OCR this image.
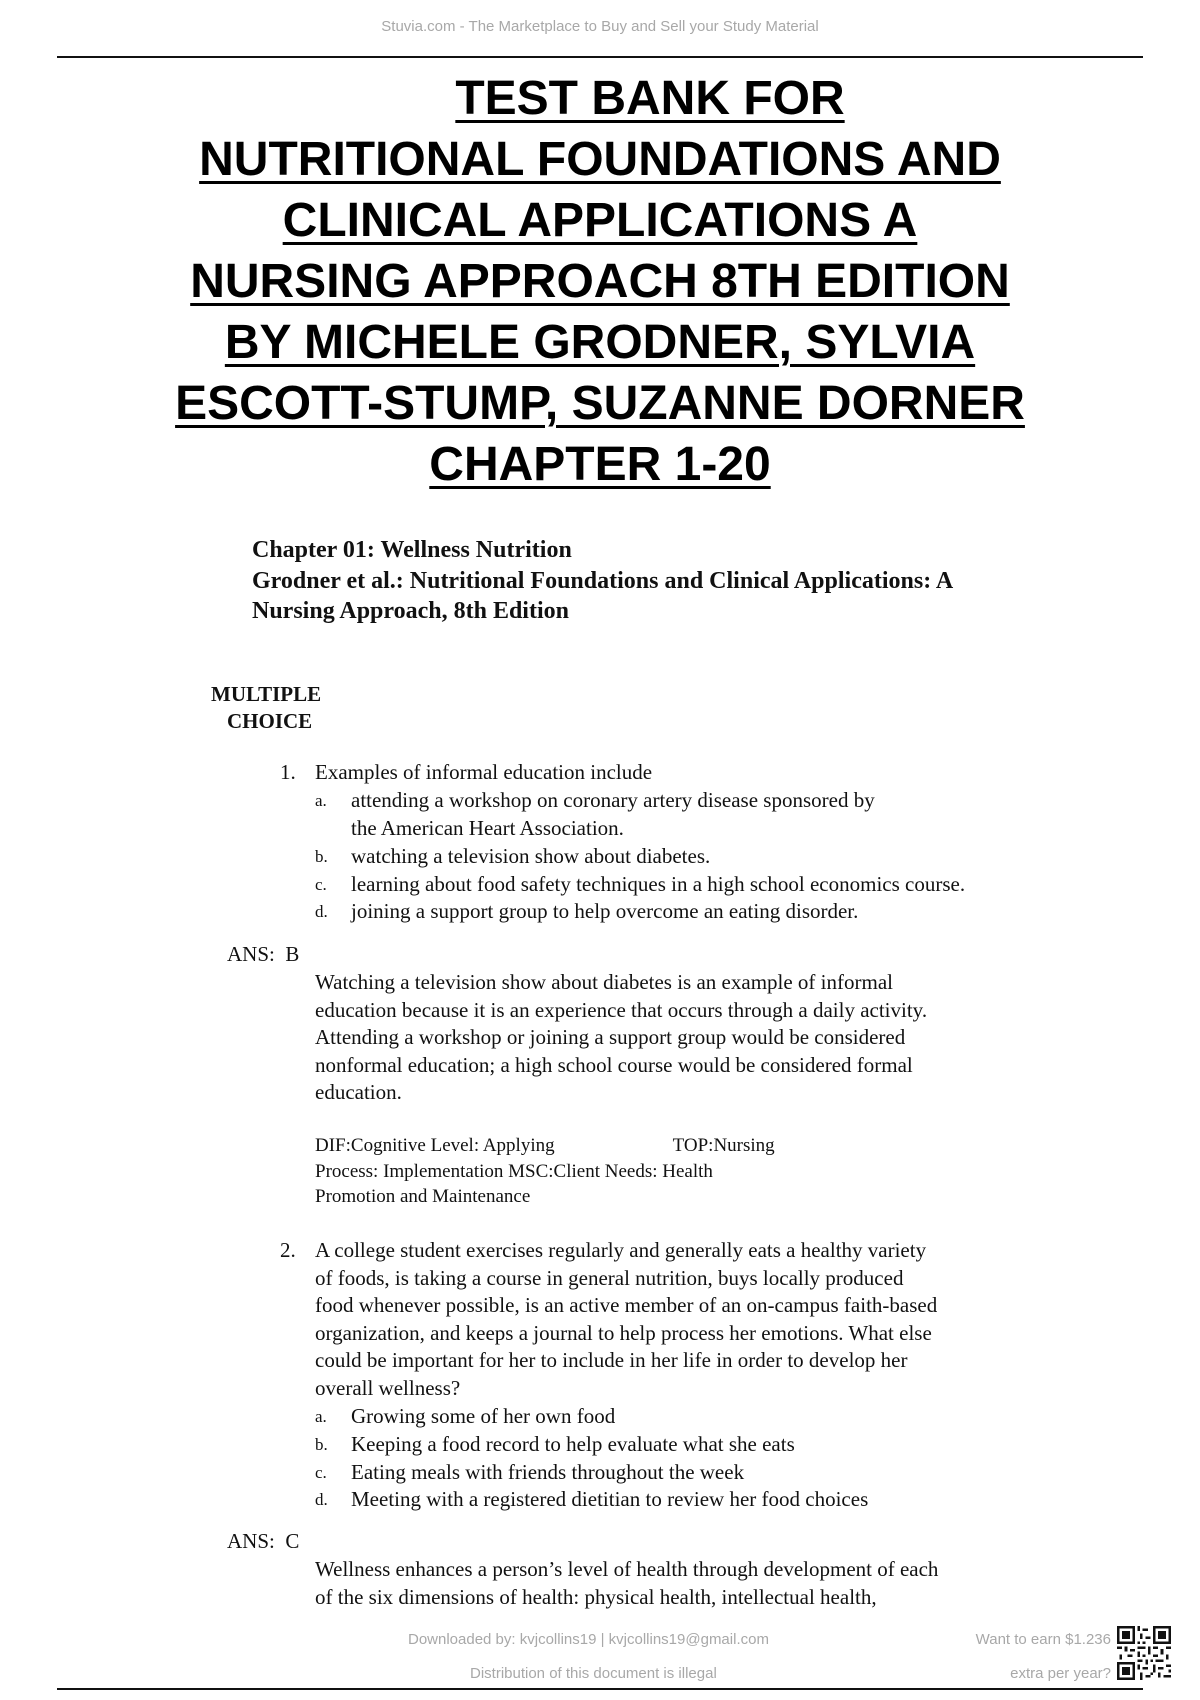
Stuvia.com - The Marketplace to Buy and Sell your Study Material
TEST BANK FOR
NUTRITIONAL FOUNDATIONS AND
CLINICAL APPLICATIONS A
NURSING APPROACH 8TH EDITION
BY MICHELE GRODNER, SYLVIA
ESCOTT-STUMP, SUZANNE DORNER
CHAPTER 1-20
Chapter 01: Wellness Nutrition
Grodner et al.: Nutritional Foundations and Clinical Applications: A
Nursing Approach, 8th Edition
MULTIPLE
CHOICE
1. Examples of informal education include
a. attending a workshop on coronary artery disease sponsored by
the American Heart Association.
b. watching a television show about diabetes.
c. learning about food safety techniques in a high school economics course.
d. joining a support group to help overcome an eating disorder.
ANS: B
Watching a television show about diabetes is an example of informal
education because it is an experience that occurs through a daily activity.
Attending a workshop or joining a support group would be considered
nonformal education; a high school course would be considered formal
education.
DIF:Cognitive Level: Applying	TOP:Nursing
Process: Implementation MSC:Client Needs: Health
Promotion and Maintenance
2. A college student exercises regularly and generally eats a healthy variety
of foods, is taking a course in general nutrition, buys locally produced
food whenever possible, is an active member of an on-campus faith-based
organization, and keeps a journal to help process her emotions. What else
could be important for her to include in her life in order to develop her
overall wellness?
a. Growing some of her own food
b. Keeping a food record to help evaluate what she eats
c. Eating meals with friends throughout the week
d. Meeting with a registered dietitian to review her food choices
ANS: C
Wellness enhances a person’s level of health through development of each
of the six dimensions of health: physical health, intellectual health,
Downloaded by: kvjcollins19 | kvjcollins19@gmail.com
Distribution of this document is illegal
Want to earn $1.236
extra per year?
